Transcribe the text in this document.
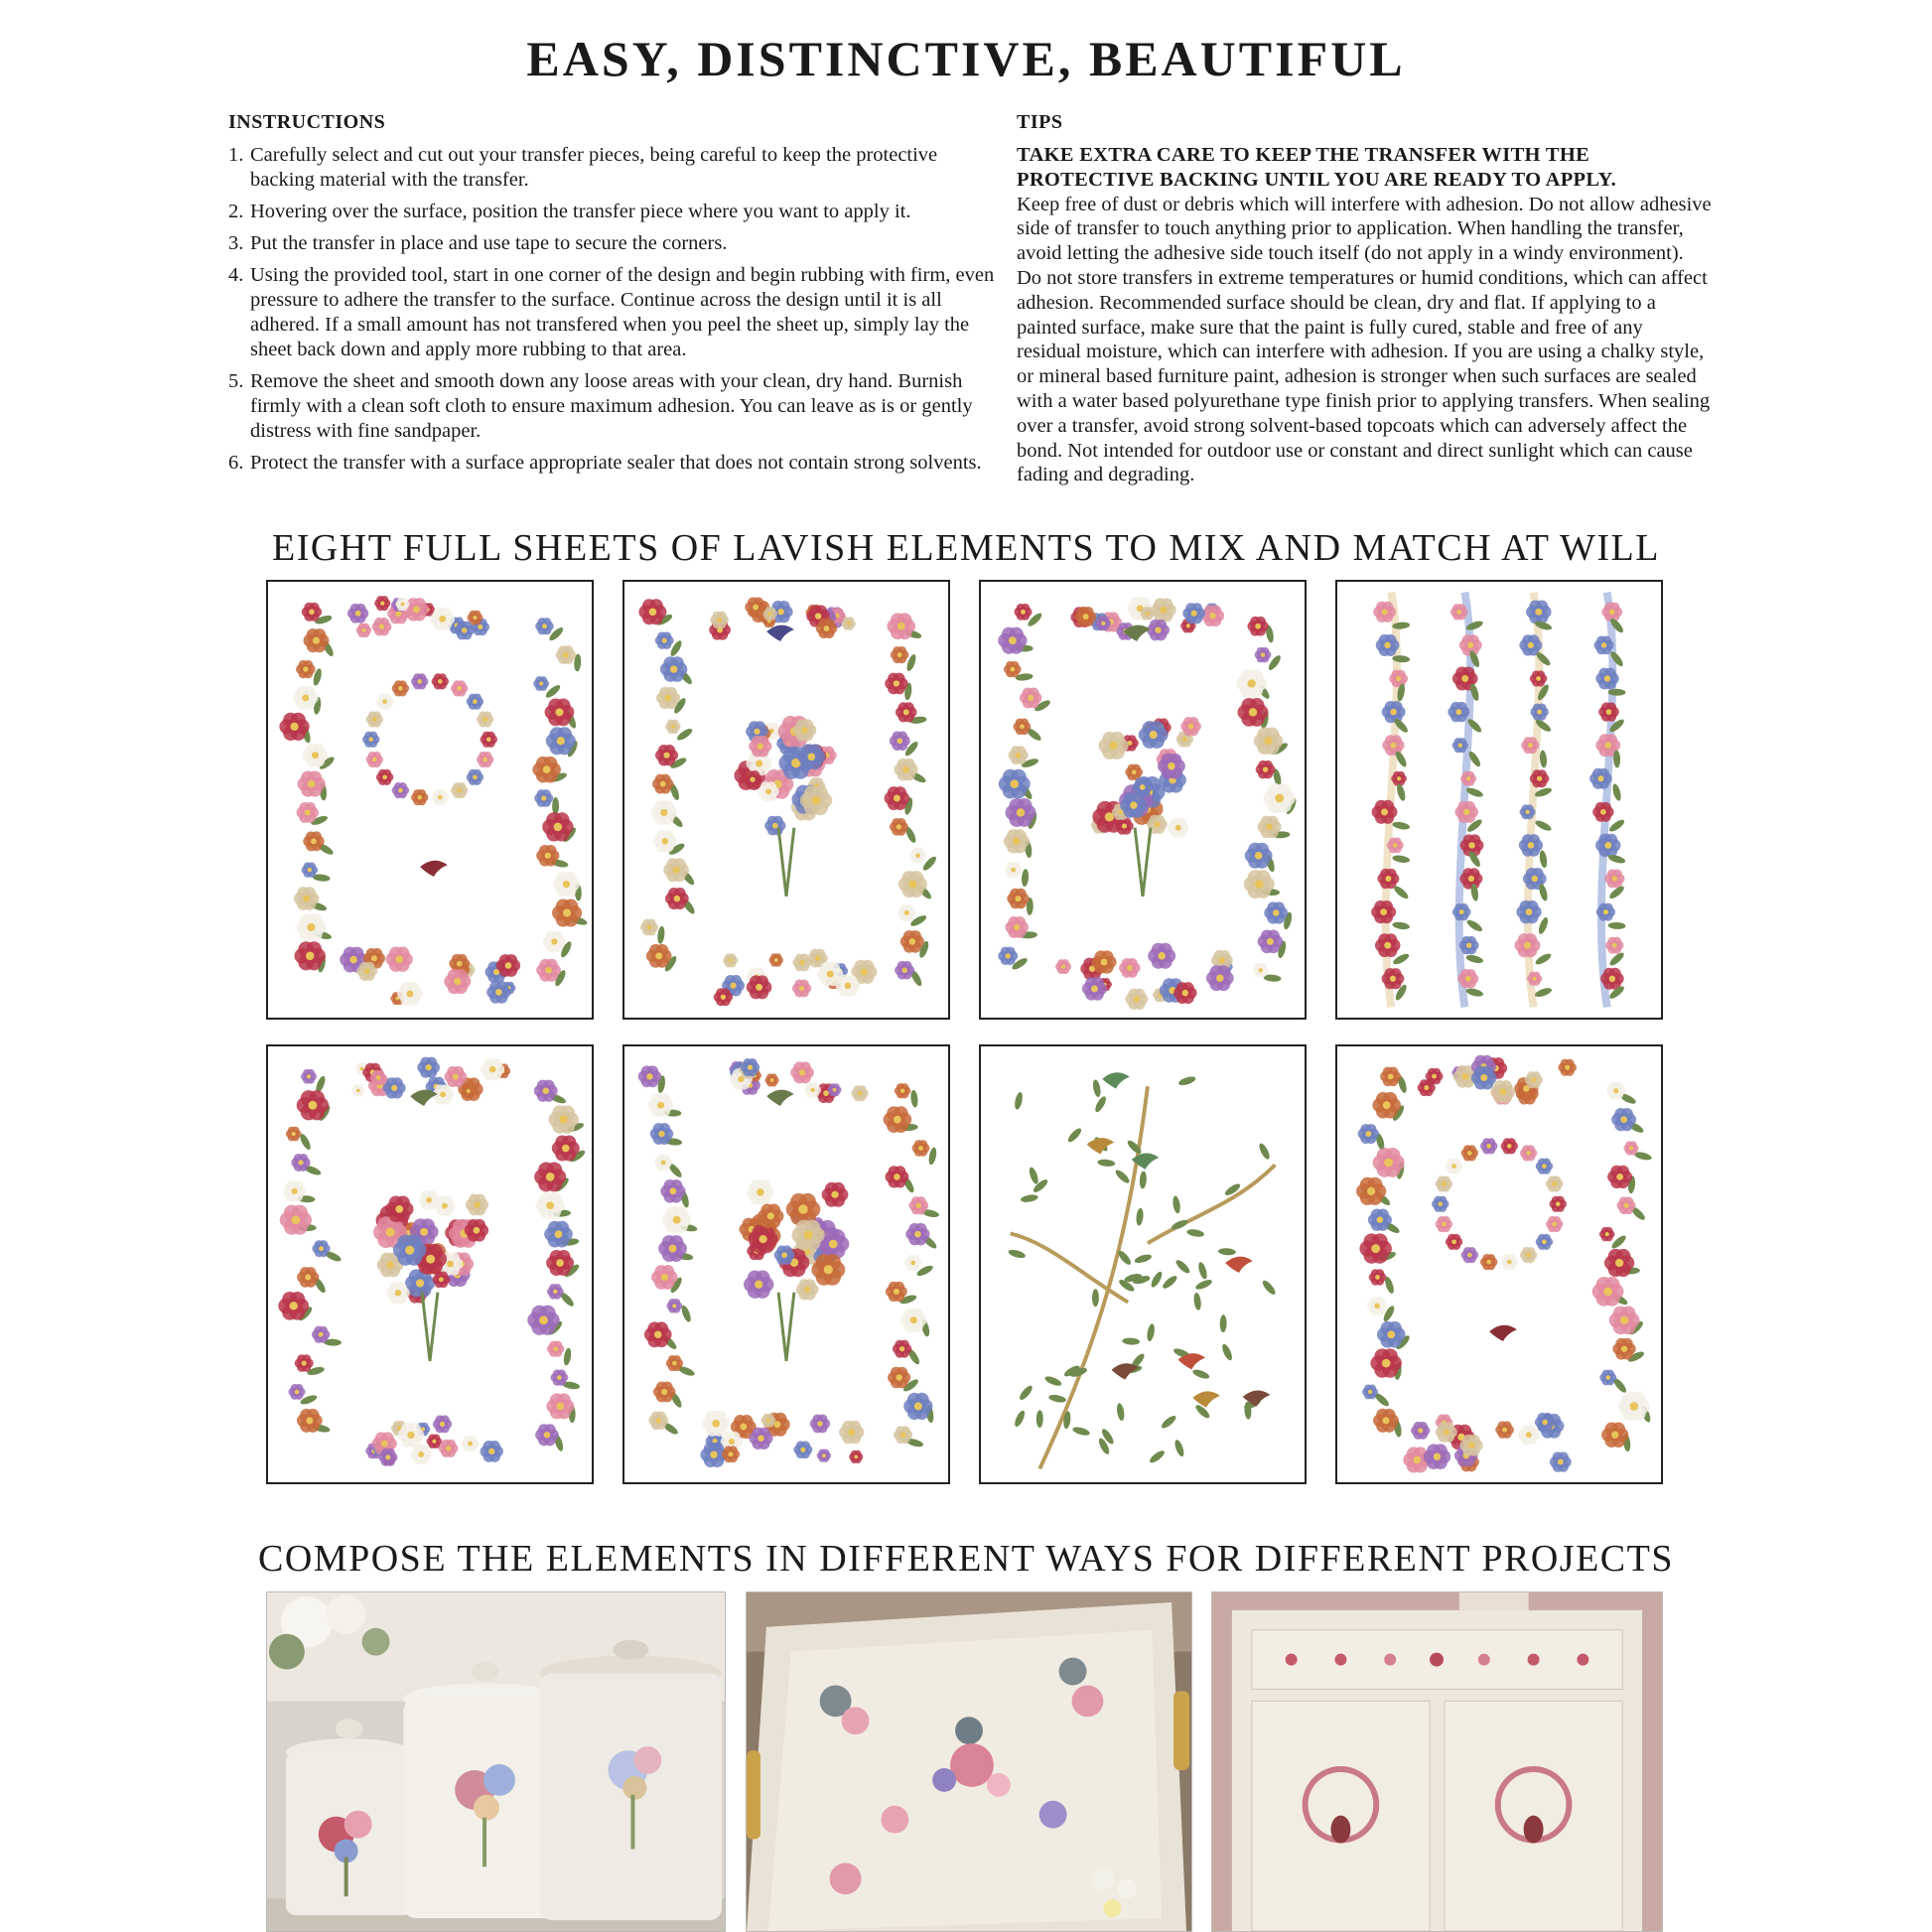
EASY, DISTINCTIVE, BEAUTIFUL
INSTRUCTIONS
1. Carefully select and cut out your transfer pieces, being careful to keep the protective backing material with the transfer.
2. Hovering over the surface, position the transfer piece where you want to apply it.
3. Put the transfer in place and use tape to secure the corners.
4. Using the provided tool, start in one corner of the design and begin rubbing with firm, even pressure to adhere the transfer to the surface. Continue across the design until it is all adhered. If a small amount has not transfered when you peel the sheet up, simply lay the sheet back down and apply more rubbing to that area.
5. Remove the sheet and smooth down any loose areas with your clean, dry hand. Burnish firmly with a clean soft cloth to ensure maximum adhesion. You can leave as is or gently distress with fine sandpaper.
6. Protect the transfer with a surface appropriate sealer that does not contain strong solvents.
TIPS
TAKE EXTRA CARE TO KEEP THE TRANSFER WITH THE PROTECTIVE BACKING UNTIL YOU ARE READY TO APPLY.
Keep free of dust or debris which will interfere with adhesion. Do not allow adhesive side of transfer to touch anything prior to application. When handling the transfer, avoid letting the adhesive side touch itself (do not apply in a windy environment). Do not store transfers in extreme temperatures or humid conditions, which can affect adhesion. Recommended surface should be clean, dry and flat. If applying to a painted surface, make sure that the paint is fully cured, stable and free of any residual moisture, which can interfere with adhesion. If you are using a chalky style, or mineral based furniture paint, adhesion is stronger when such surfaces are sealed with a water based polyurethane type finish prior to applying transfers. When sealing over a transfer, avoid strong solvent-based topcoats which can adversely affect the bond. Not intended for outdoor use or constant and direct sunlight which can cause fading and degrading.
EIGHT FULL SHEETS OF LAVISH ELEMENTS TO MIX AND MATCH AT WILL
COMPOSE THE ELEMENTS IN DIFFERENT WAYS FOR DIFFERENT PROJECTS
